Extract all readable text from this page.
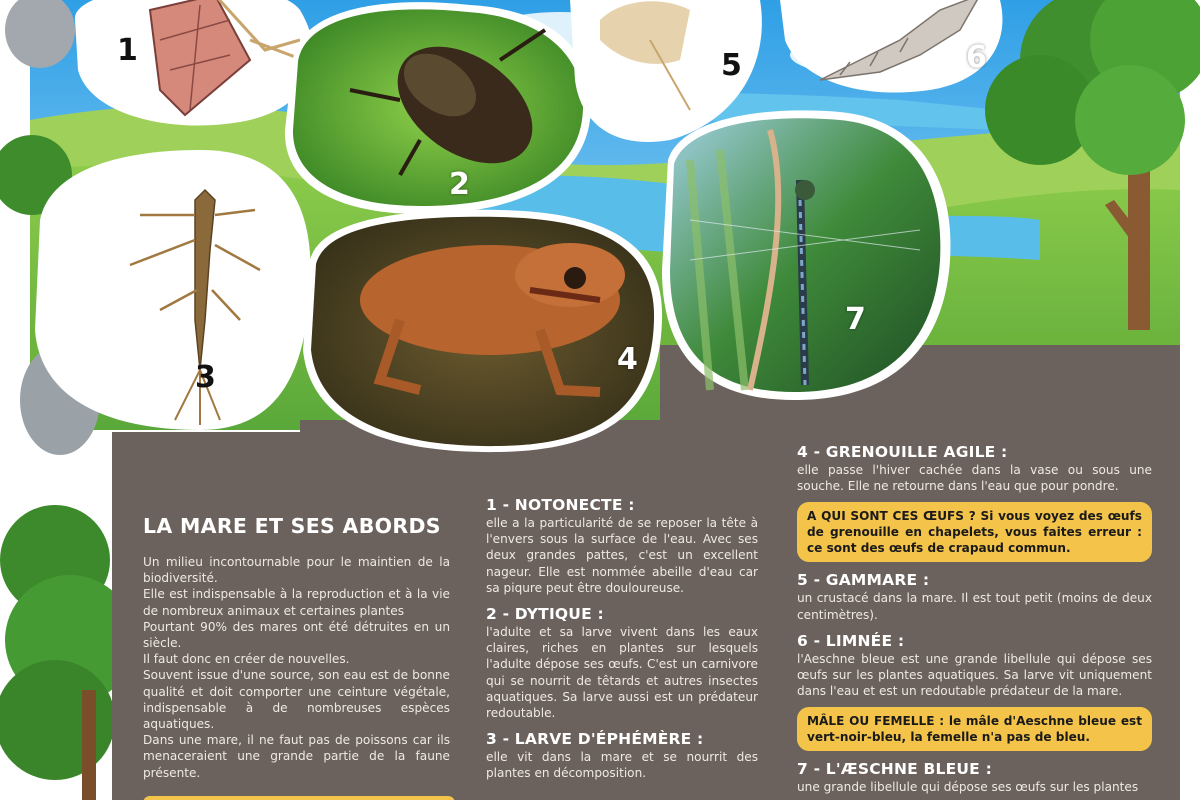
1
2
3
4
5	6
7
LA MARE ET SES ABORDS

Un milieu incontournable pour le maintien de la biodiversité.

Elle est indispensable à la reproduction et à la vie de nombreux animaux et certaines plantes

Pourtant 90% des mares ont été détruites en un siècle.

Il faut donc en créer de nouvelles.

Souvent issue d'une source, son eau est de bonne qualité et doit comporter une ceinture végétale, indispensable à de nombreuses espèces aquatiques.

Dans une mare, il ne faut pas de poissons car ils menaceraient une grande partie de la faune présente.

1 - NOTONECTE :

elle a la particularité de se reposer la tête à l'envers sous la surface de l'eau. Avec ses deux grandes pattes, c'est un excellent nageur. Elle est nommée abeille d'eau car sa piqure peut être douloureuse.

2 - DYTIQUE :

l'adulte et sa larve vivent dans les eaux claires, riches en plantes sur lesquels l'adulte dépose ses œufs. C'est un carnivore qui se nourrit de têtards et autres insectes aquatiques. Sa larve aussi est un prédateur redoutable.

3 - LARVE D'ÉPHÉMÈRE :

elle vit dans la mare et se nourrit des plantes en décomposition.

4 - GRENOUILLE AGILE :

elle passe l'hiver cachée dans la vase ou sous une souche. Elle ne retourne dans l'eau que pour pondre.

A QUI SONT CES ŒUFS ? Si vous voyez des œufs de grenouille en chapelets, vous faites erreur : ce sont des œufs de crapaud commun.
5 - GAMMARE :

un crustacé dans la mare. Il est tout petit (moins de deux centimètres).

6 - LIMNÉE :

l'Aeschne bleue est une grande libellule qui dépose ses œufs sur les plantes aquatiques. Sa larve vit uniquement dans l'eau et est un redoutable prédateur de la mare.

MÂLE OU FEMELLE : le mâle d'Aeschne bleue est vert-noir-bleu, la femelle n'a pas de bleu.
7 - L'ÆSCHNE BLEUE :

une grande libellule qui dépose ses œufs sur les plantes
